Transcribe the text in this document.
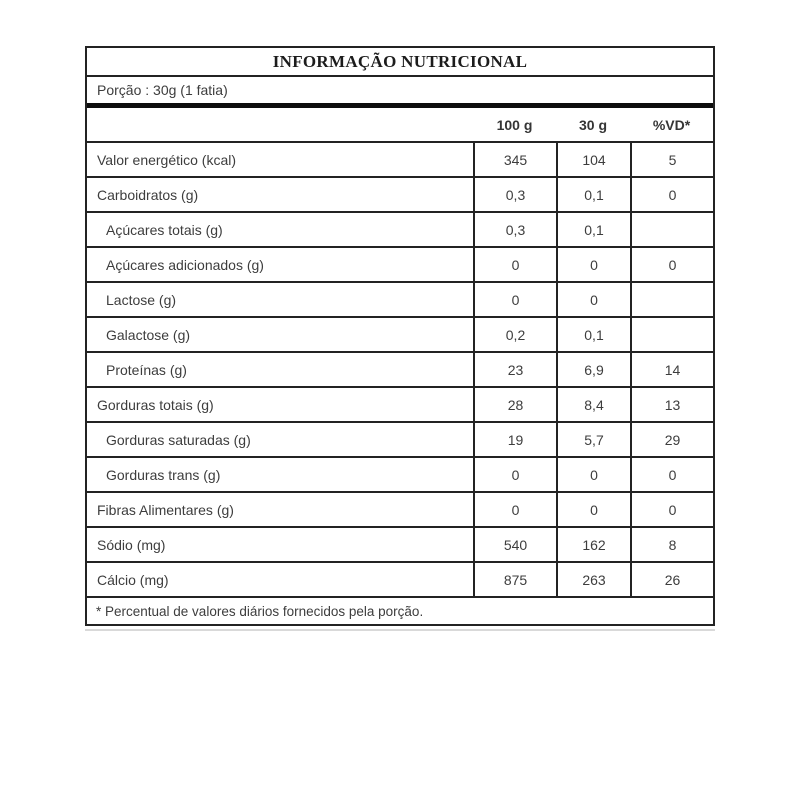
INFORMAÇÃO NUTRICIONAL
Porção : 30g (1 fatia)
100 g	30 g	%VD*
Valor energético (kcal)	345	104	5
Carboidratos (g)	0,3	0,1	0
Açúcares totais (g)	0,3	0,1
Açúcares adicionados (g)	0	0	0
Lactose (g)	0	0
Galactose (g)	0,2	0,1
Proteínas (g)	23	6,9	14
Gorduras totais (g)	28	8,4	13
Gorduras saturadas (g)	19	5,7	29
Gorduras trans (g)	0	0	0
Fibras Alimentares (g)	0	0	0
Sódio (mg)	540	162	8
Cálcio (mg)	875	263	26
* Percentual de valores diários fornecidos pela porção.
